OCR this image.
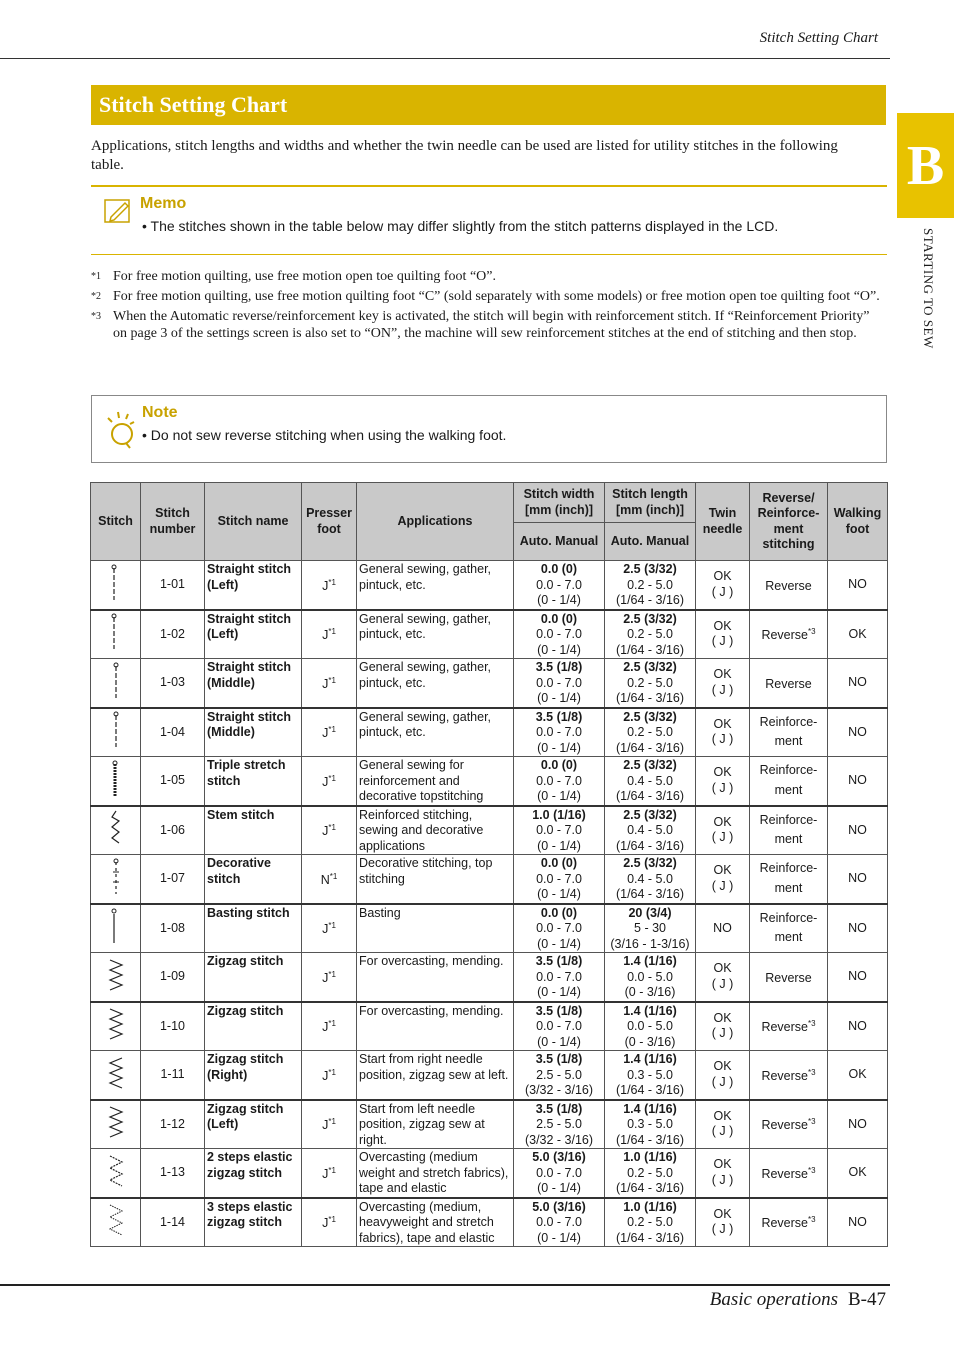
Stitch Setting Chart
B
STARTING TO SEW
Stitch Setting Chart
Applications, stitch lengths and widths and whether the twin needle can be used are listed for utility stitches in the following table.
Memo
• The stitches shown in the table below may differ slightly from the stitch patterns displayed in the LCD.
*1 For free motion quilting, use free motion open toe quilting foot “O”.
*2 For free motion quilting, use free motion quilting foot “C” (sold separately with some models) or free motion open toe quilting foot “O”.
*3 When the Automatic reverse/reinforcement key is activated, the stitch will begin with reinforcement stitch. If “Reinforcement Priority” on page 3 of the settings screen is also set to “ON”, the machine will sew reinforcement stitches at the end of stitching and then stop.
Note
• Do not sew reverse stitching when using the walking foot.
Stitch	Stitch number	Stitch name	Presser foot	Applications	Stitch width [mm (inch)]	Stitch length [mm (inch)]	Twin needle	Reverse/ Reinforce-ment stitching	Walking foot
					Auto. Manual	Auto. Manual			
	1-01	Straight stitch (Left)	$J^{*1}$	General sewing, gather, pintuck, etc.	0.0 (0)
0.0 - 7.0
(0 - 1/4)	2.5 (3/32)
0.2 - 5.0
(1/64 - 3/16)	OK
( J )	Reverse	NO
	1-02	Straight stitch (Left)	$J^{*1}$	General sewing, gather, pintuck, etc.	0.0 (0)
0.0 - 7.0
(0 - 1/4)	2.5 (3/32)
0.2 - 5.0
(1/64 - 3/16)	OK
( J )	Reverse$^{*3}$	OK
	1-03	Straight stitch (Middle)	$J^{*1}$	General sewing, gather, pintuck, etc.	3.5 (1/8)
0.0 - 7.0
(0 - 1/4)	2.5 (3/32)
0.2 - 5.0
(1/64 - 3/16)	OK
( J )	Reverse	NO
	1-04	Straight stitch (Middle)	$J^{*1}$	General sewing, gather, pintuck, etc.	3.5 (1/8)
0.0 - 7.0
(0 - 1/4)	2.5 (3/32)
0.2 - 5.0
(1/64 - 3/16)	OK
( J )	Reinforce-ment	NO
	1-05	Triple stretch stitch	$J^{*1}$	General sewing for reinforcement and decorative topstitching	0.0 (0)
0.0 - 7.0
(0 - 1/4)	2.5 (3/32)
0.4 - 5.0
(1/64 - 3/16)	OK
( J )	Reinforce-ment	NO
	1-06	Stem stitch	$J^{*1}$	Reinforced stitching, sewing and decorative applications	1.0 (1/16)
0.0 - 7.0
(0 - 1/4)	2.5 (3/32)
0.4 - 5.0
(1/64 - 3/16)	OK
( J )	Reinforce-ment	NO
	1-07	Decorative stitch	$N^{*1}$	Decorative stitching, top stitching	0.0 (0)
0.0 - 7.0
(0 - 1/4)	2.5 (3/32)
0.4 - 5.0
(1/64 - 3/16)	OK
( J )	Reinforce-ment	NO
	1-08	Basting stitch	$J^{*1}$	Basting	0.0 (0)
0.0 - 7.0
(0 - 1/4)	20 (3/4)
5 - 30
(3/16 - 1-3/16)	NO	Reinforce-ment	NO
	1-09	Zigzag stitch	$J^{*1}$	For overcasting, mending.	3.5 (1/8)
0.0 - 7.0
(0 - 1/4)	1.4 (1/16)
0.0 - 5.0
(0 - 3/16)	OK
( J )	Reverse	NO
	1-10	Zigzag stitch	$J^{*1}$	For overcasting, mending.	3.5 (1/8)
0.0 - 7.0
(0 - 1/4)	1.4 (1/16)
0.0 - 5.0
(0 - 3/16)	OK
( J )	Reverse$^{*3}$	NO
	1-11	Zigzag stitch (Right)	$J^{*1}$	Start from right needle position, zigzag sew at left.	3.5 (1/8)
2.5 - 5.0
(3/32 - 3/16)	1.4 (1/16)
0.3 - 5.0
(1/64 - 3/16)	OK
( J )	Reverse$^{*3}$	OK
	1-12	Zigzag stitch (Left)	$J^{*1}$	Start from left needle position, zigzag sew at right.	3.5 (1/8)
2.5 - 5.0
(3/32 - 3/16)	1.4 (1/16)
0.3 - 5.0
(1/64 - 3/16)	OK
( J )	Reverse$^{*3}$	NO
	1-13	2 steps elastic zigzag stitch	$J^{*1}$	Overcasting (medium weight and stretch fabrics), tape and elastic	5.0 (3/16)
0.0 - 7.0
(0 - 1/4)	1.0 (1/16)
0.2 - 5.0
(1/64 - 3/16)	OK
( J )	Reverse$^{*3}$	OK
	1-14	3 steps elastic zigzag stitch	$J^{*1}$	Overcasting (medium, heavyweight and stretch fabrics), tape and elastic	5.0 (3/16)
0.0 - 7.0
(0 - 1/4)	1.0 (1/16)
0.2 - 5.0
(1/64 - 3/16)	OK
( J )	Reverse$^{*3}$	NO
Basic operations B-47
